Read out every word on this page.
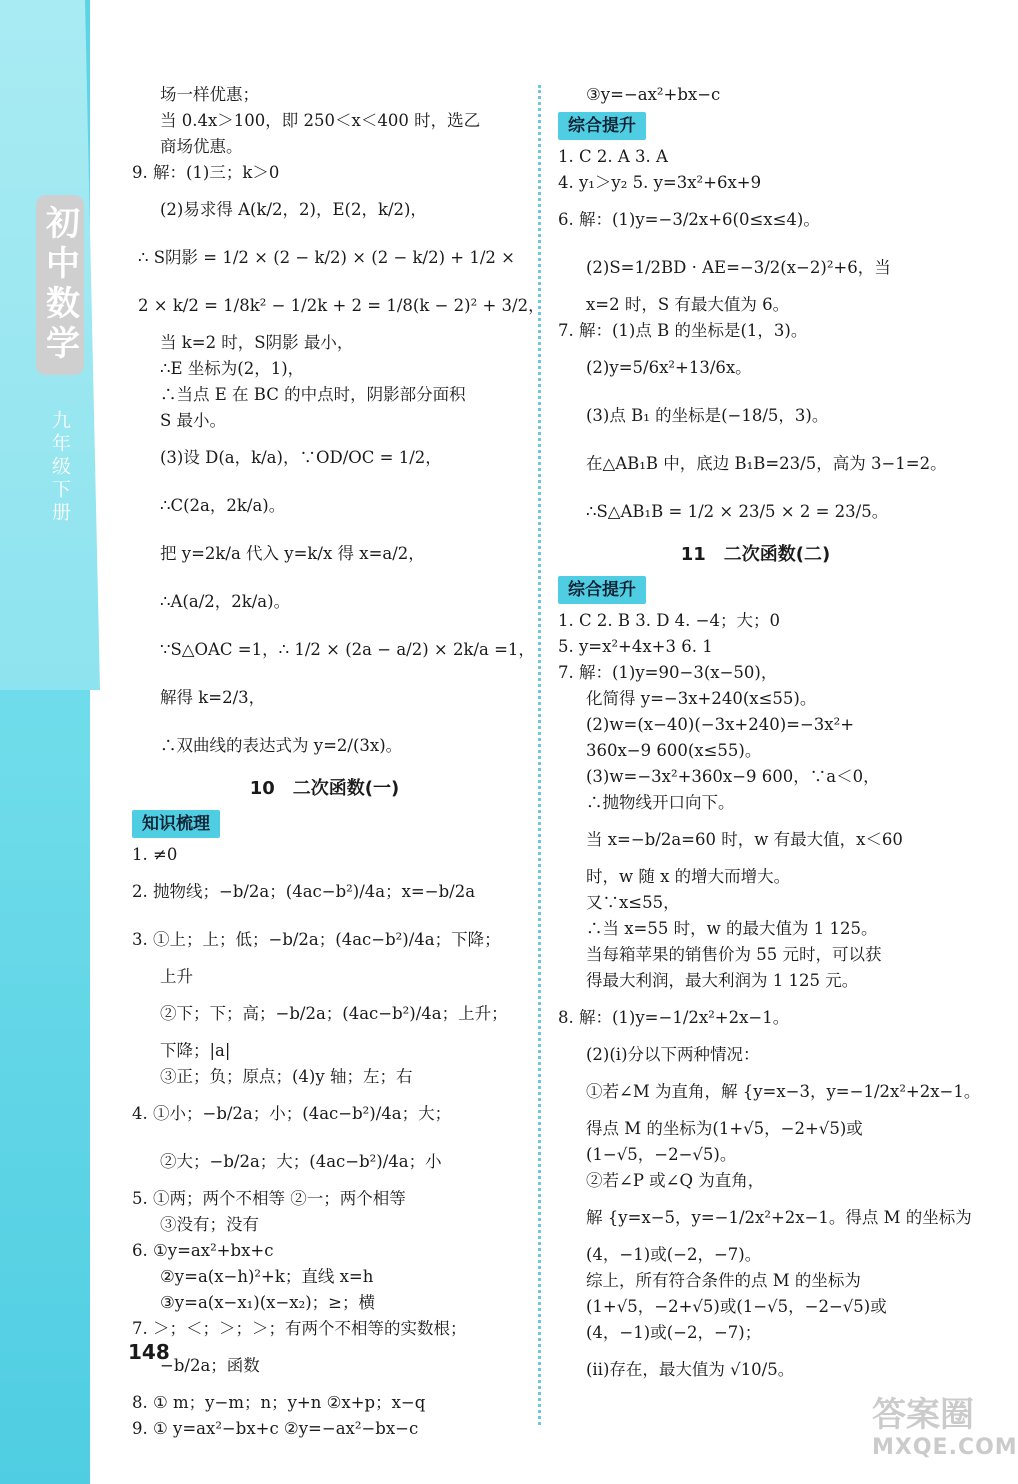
初中数学
九年级下册
148
场一样优惠；
当 0.4x＞100，即 250＜x＜400 时，选乙
商场优惠。
9. 解：(1)三；k＞0
(2)易求得 A(k/2，2)，E(2，k/2)，
∴ S阴影 = 1/2 × (2 − k/2) × (2 − k/2) + 1/2 ×
2 × k/2 = 1/8k² − 1/2k + 2 = 1/8(k − 2)² + 3/2，
当 k=2 时，S阴影 最小，
∴E 坐标为(2，1)，
∴当点 E 在 BC 的中点时，阴影部分面积
S 最小。
(3)设 D(a，k/a)，∵OD/OC = 1/2，
∴C(2a，2k/a)。
把 y=2k/a 代入 y=k/x 得 x=a/2，
∴A(a/2，2k/a)。
∵S△OAC =1，∴ 1/2 × (2a − a/2) × 2k/a =1，
解得 k=2/3，
∴双曲线的表达式为 y=2/(3x)。
10　二次函数(一)
知识梳理
1. ≠0
2. 抛物线；−b/2a；(4ac−b²)/4a；x=−b/2a
3. ①上；上；低；−b/2a；(4ac−b²)/4a；下降；
上升
②下；下；高；−b/2a；(4ac−b²)/4a；上升；
下降；|a|
③正；负；原点；(4)y 轴；左；右
4. ①小；−b/2a；小；(4ac−b²)/4a；大；
②大；−b/2a；大；(4ac−b²)/4a；小
5. ①两；两个不相等 ②一；两个相等
③没有；没有
6. ①y=ax²+bx+c
②y=a(x−h)²+k；直线 x=h
③y=a(x−x₁)(x−x₂)；≥；横
7. ＞；＜；＞；＞；有两个不相等的实数根；
−b/2a；函数
8. ① m；y−m；n；y+n ②x+p；x−q
9. ① y=ax²−bx+c ②y=−ax²−bx−c
③y=−ax²+bx−c
综合提升
1. C 2. A 3. A
4. y₁＞y₂ 5. y=3x²+6x+9
6. 解：(1)y=−3/2x+6(0≤x≤4)。
(2)S=1/2BD · AE=−3/2(x−2)²+6，当
x=2 时，S 有最大值为 6。
7. 解：(1)点 B 的坐标是(1，3)。
(2)y=5/6x²+13/6x。
(3)点 B₁ 的坐标是(−18/5，3)。
在△AB₁B 中，底边 B₁B=23/5，高为 3−1=2。
∴S△AB₁B = 1/2 × 23/5 × 2 = 23/5。
11　二次函数(二)
综合提升
1. C 2. B 3. D 4. −4；大；0
5. y=x²+4x+3 6. 1
7. 解：(1)y=90−3(x−50)，
化简得 y=−3x+240(x≤55)。
(2)w=(x−40)(−3x+240)=−3x²+
360x−9 600(x≤55)。
(3)w=−3x²+360x−9 600，∵a＜0，
∴抛物线开口向下。
当 x=−b/2a=60 时，w 有最大值，x＜60
时，w 随 x 的增大而增大。
又∵x≤55，
∴当 x=55 时，w 的最大值为 1 125。
当每箱苹果的销售价为 55 元时，可以获
得最大利润，最大利润为 1 125 元。
8. 解：(1)y=−1/2x²+2x−1。
(2)(ⅰ)分以下两种情况：
①若∠M 为直角，解 {y=x−3，y=−1/2x²+2x−1。
得点 M 的坐标为(1+√5，−2+√5)或
(1−√5，−2−√5)。
②若∠P 或∠Q 为直角，
解 {y=x−5，y=−1/2x²+2x−1。得点 M 的坐标为
(4，−1)或(−2，−7)。
综上，所有符合条件的点 M 的坐标为
(1+√5，−2+√5)或(1−√5，−2−√5)或
(4，−1)或(−2，−7)；
(ⅱ)存在，最大值为 √10/5。
答案圈
MXQE.COM
